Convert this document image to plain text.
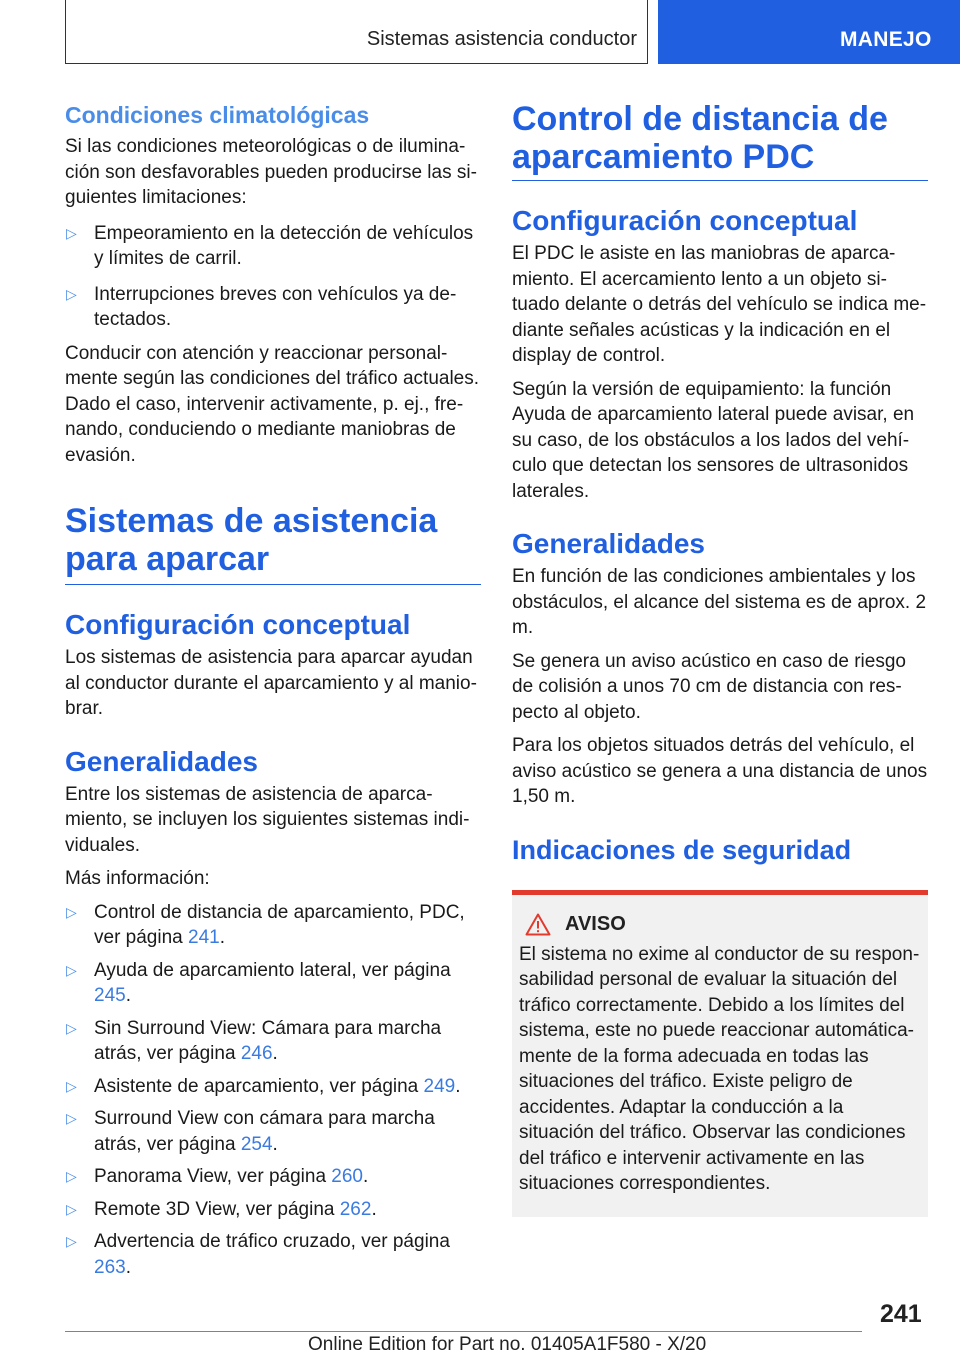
Sistemas asistencia conductor	MANEJO
Condiciones climatológicas

Si las condiciones meteorológicas o de iluminación son desfavorables pueden producirse las siguientes limitaciones:

▷ Empeoramiento en la detección de vehículos y límites de carril.
▷ Interrupciones breves con vehículos ya detectados.

Conducir con atención y reaccionar personalmente según las condiciones del tráfico actuales. Dado el caso, intervenir activamente, p. ej., frenando, conduciendo o mediante maniobras de evasión.

Sistemas de asistencia para aparcar
Configuración conceptual

Los sistemas de asistencia para aparcar ayudan al conductor durante el aparcamiento y al maniobrar.

Generalidades

Entre los sistemas de asistencia de aparcamiento, se incluyen los siguientes sistemas individuales.

Más información:

▷ Control de distancia de aparcamiento, PDC, ver página 241.
▷ Ayuda de aparcamiento lateral, ver página 245.
▷ Sin Surround View: Cámara para marcha atrás, ver página 246.
▷ Asistente de aparcamiento, ver página 249.
▷ Surround View con cámara para marcha atrás, ver página 254.
▷ Panorama View, ver página 260.
▷ Remote 3D View, ver página 262.
▷ Advertencia de tráfico cruzado, ver página 263.
Control de distancia de aparcamiento PDC
Configuración conceptual

El PDC le asiste en las maniobras de aparcamiento. El acercamiento lento a un objeto situado delante o detrás del vehículo se indica mediante señales acústicas y la indicación en el display de control.

Según la versión de equipamiento: la función Ayuda de aparcamiento lateral puede avisar, en su caso, de los obstáculos a los lados del vehículo que detectan los sensores de ultrasonidos laterales.

Generalidades

En función de las condiciones ambientales y los obstáculos, el alcance del sistema es de aprox. 2 m.

Se genera un aviso acústico en caso de riesgo de colisión a unos 70 cm de distancia con respecto al objeto.

Para los objetos situados detrás del vehículo, el aviso acústico se genera a una distancia de unos 1,50 m.

Indicaciones de seguridad
AVISO

El sistema no exime al conductor de su responsabilidad personal de evaluar la situación del tráfico correctamente. Debido a los límites del sistema, este no puede reaccionar automáticamente de la forma adecuada en todas las situaciones del tráfico. Existe peligro de accidentes. Adaptar la conducción a la situación del tráfico. Observar las condiciones del tráfico e intervenir activamente en las situaciones correspondientes.

241
Online Edition for Part no. 01405A1F580 - X/20
